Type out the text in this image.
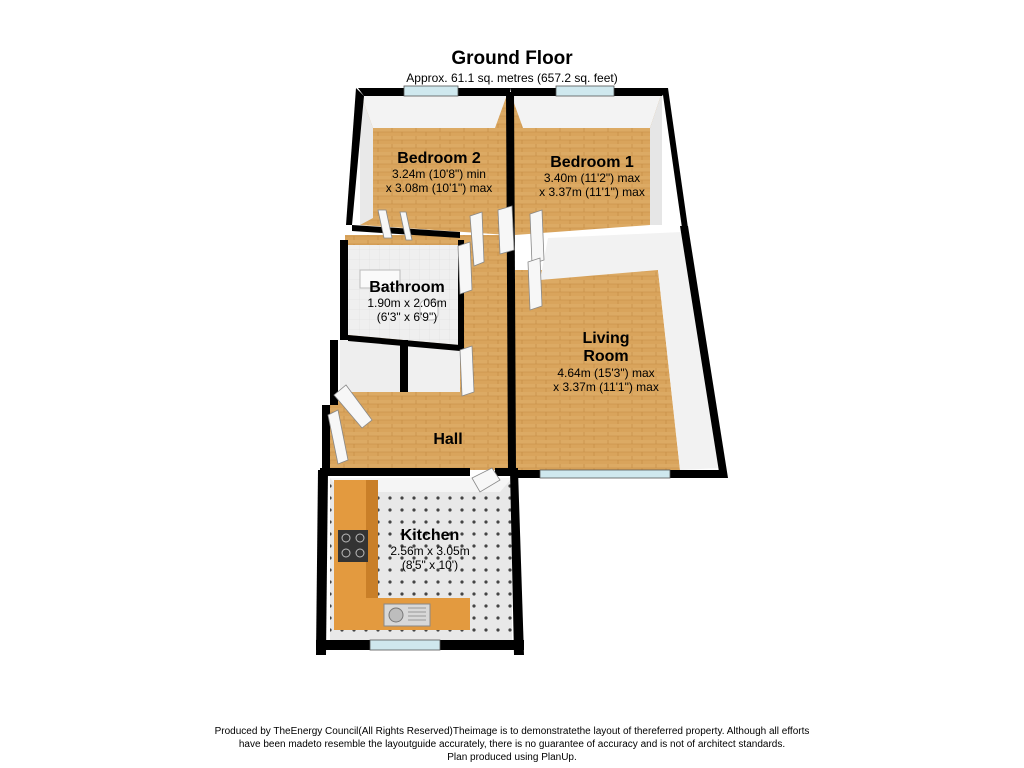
Ground Floor
Approx. 61.1 sq. metres (657.2 sq. feet)
Bedroom 2
3.24m (10'8") min
x 3.08m (10'1") max
Bedroom 1
3.40m (11'2") max
x 3.37m (11'1") max
Bathroom
1.90m x 2.06m
(6'3" x 6'9")
Living
Room
4.64m (15'3") max
x 3.37m (11'1") max
Hall
Kitchen
2.56m x 3.05m
(8'5" x 10')
Produced by TheEnergy Council(All Rights Reserved)Theimage is to demonstratethe layout of thereferred property. Although all efforts
have been madeto resemble the layoutguide accurately, there is no guarantee of accuracy and is not of architect standards.
Plan produced using PlanUp.
